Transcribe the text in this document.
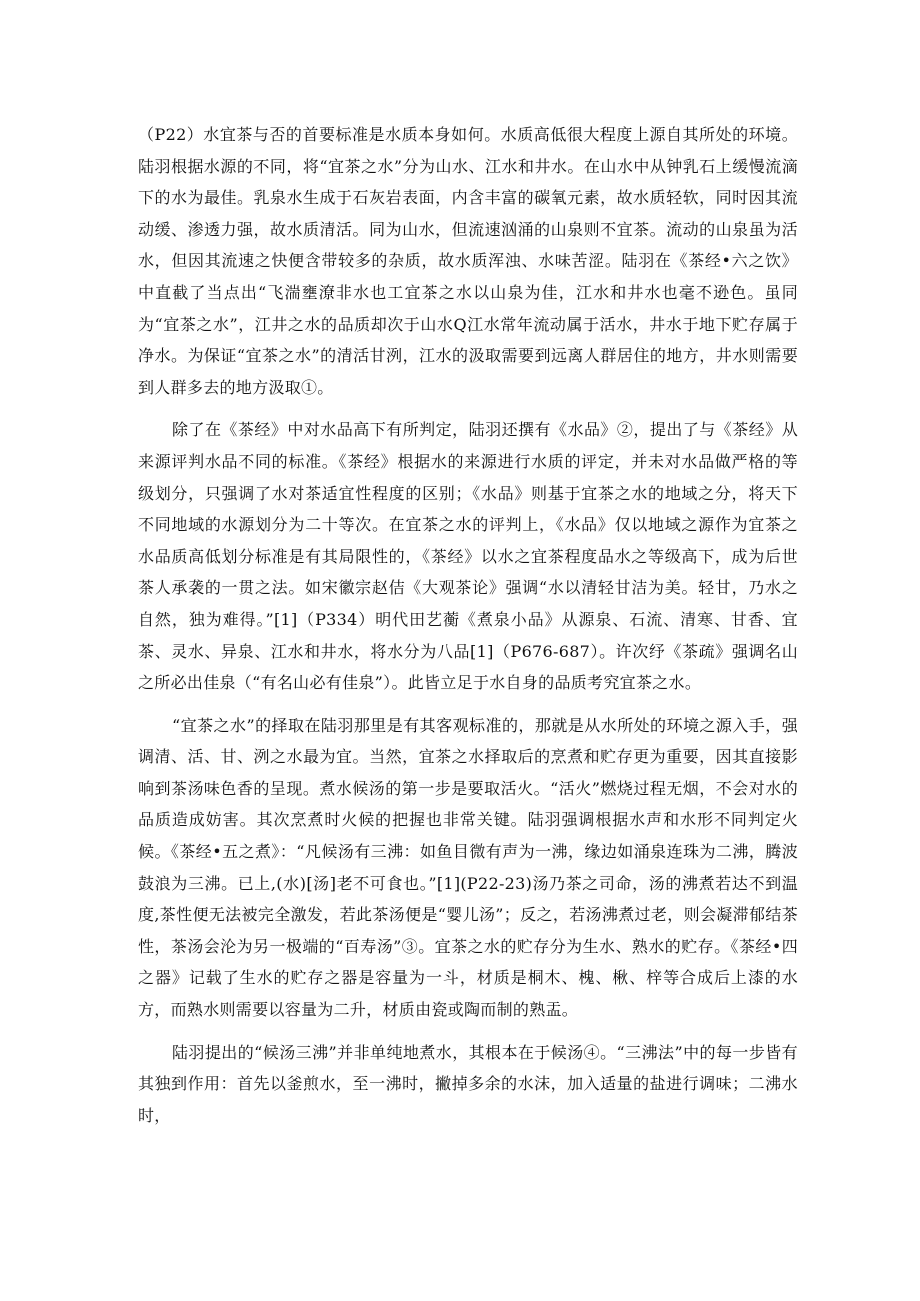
（P22）水宜茶与否的首要标准是水质本身如何。水质高低很大程度上源自其所处的环境。陆羽根据水源的不同，将“宜茶之水”分为山水、江水和井水。在山水中从钟乳石上缓慢流滴下的水为最佳。乳泉水生成于石灰岩表面，内含丰富的碳氧元素，故水质轻软，同时因其流动缓、渗透力强，故水质清活。同为山水，但流速汹涌的山泉则不宜茶。流动的山泉虽为活水，但因其流速之快便含带较多的杂质，故水质浑浊、水味苦涩。陆羽在《茶经•六之饮》中直截了当点出“飞湍壅潦非水也工宜茶之水以山泉为佳，江水和井水也毫不逊色。虽同为“宜茶之水”，江井之水的品质却次于山水Q江水常年流动属于活水，井水于地下贮存属于净水。为保证“宜茶之水”的清活甘洌，江水的汲取需要到远离人群居住的地方，井水则需要到人群多去的地方汲取①。

除了在《茶经》中对水品高下有所判定，陆羽还撰有《水品》②，提出了与《茶经》从来源评判水品不同的标准。《茶经》根据水的来源进行水质的评定，并未对水品做严格的等级划分，只强调了水对茶适宜性程度的区别；《水品》则基于宜茶之水的地域之分，将天下不同地域的水源划分为二十等次。在宜茶之水的评判上，《水品》仅以地域之源作为宜茶之水品质高低划分标准是有其局限性的，《茶经》以水之宜茶程度品水之等级高下，成为后世茶人承袭的一贯之法。如宋徽宗赵佶《大观茶论》强调“水以清轻甘洁为美。轻甘，乃水之自然，独为难得。”[1]（P334）明代田艺蘅《煮泉小品》从源泉、石流、清寒、甘香、宜茶、灵水、异泉、江水和井水，将水分为八品[1]（P676-687）。许次纾《茶疏》强调名山之所必出佳泉（“有名山必有佳泉”）。此皆立足于水自身的品质考究宜茶之水。

“宜茶之水”的择取在陆羽那里是有其客观标准的，那就是从水所处的环境之源入手，强调清、活、甘、洌之水最为宜。当然，宜茶之水择取后的烹煮和贮存更为重要，因其直接影响到茶汤味色香的呈现。煮水候汤的第一步是要取活火。“活火”燃烧过程无烟，不会对水的品质造成妨害。其次烹煮时火候的把握也非常关键。陆羽强调根据水声和水形不同判定火候。《茶经•五之煮》：“凡候汤有三沸：如鱼目微有声为一沸，缘边如涌泉连珠为二沸，腾波鼓浪为三沸。已上,(水)[汤]老不可食也。”[1](P22-23)汤乃茶之司命，汤的沸煮若达不到温度,茶性便无法被完全激发，若此茶汤便是“婴儿汤”；反之，若汤沸煮过老，则会凝滞郁结茶性，茶汤会沦为另一极端的“百寿汤”③。宜茶之水的贮存分为生水、熟水的贮存。《茶经•四之器》记载了生水的贮存之器是容量为一斗，材质是桐木、槐、楸、梓等合成后上漆的水方，而熟水则需要以容量为二升，材质由瓷或陶而制的熟盂。

陆羽提出的“候汤三沸”并非单纯地煮水，其根本在于候汤④。“三沸法”中的每一步皆有其独到作用：首先以釜煎水，至一沸时，撇掉多余的水沫，加入适量的盐进行调味；二沸水时，
